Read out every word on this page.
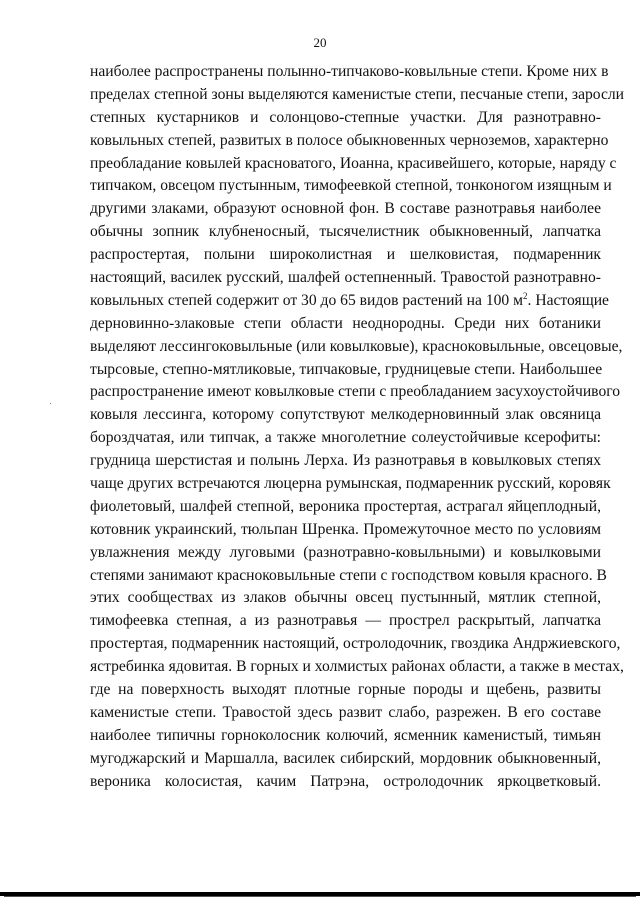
20
наиболее распространены полынно-типчаково-ковыльные степи. Кроме них в
пределах степной зоны выделяются каменистые степи, песчаные степи, заросли
степных кустарников и солонцово-степные участки. Для разнотравно-
ковыльных степей, развитых в полосе обыкновенных черноземов, характерно
преобладание ковылей красноватого, Иоанна, красивейшего, которые, наряду с
типчаком, овсецом пустынным, тимофеевкой степной, тонконогом изящным и
другими злаками, образуют основной фон. В составе разнотравья наиболее
обычны зопник клубненосный, тысячелистник обыкновенный, лапчатка
распростертая, полыни широколистная и шелковистая, подмаренник
настоящий, василек русский, шалфей остепненный. Травостой разнотравно-
ковыльных степей содержит от 30 до 65 видов растений на 100 $м^2$. Настоящие
дерновинно-злаковые степи области неоднородны. Среди них ботаники
выделяют лессингоковыльные (или ковылковые), красноковыльные, овсецовые,
тырсовые, степно-мятликовые, типчаковые, грудницевые степи. Наибольшее
распространение имеют ковылковые степи с преобладанием засухоустойчивого
ковыля лессинга, которому сопутствуют мелкодерновинный злак овсяница
бороздчатая, или типчак, а также многолетние солеустойчивые ксерофиты:
грудница шерстистая и полынь Лерха. Из разнотравья в ковылковых степях
чаще других встречаются люцерна румынская, подмаренник русский, коровяк
фиолетовый, шалфей степной, вероника простертая, астрагал яйцеплодный,
котовник украинский, тюльпан Шренка. Промежуточное место по условиям
увлажнения между луговыми (разнотравно-ковыльными) и ковылковыми
степями занимают красноковыльные степи с господством ковыля красного. В
этих сообществах из злаков обычны овсец пустынный, мятлик степной,
тимофеевка степная, а из разнотравья — прострел раскрытый, лапчатка
простертая, подмаренник настоящий, остролодочник, гвоздика Андржиевского,
ястребинка ядовитая. В горных и холмистых районах области, а также в местах,
где на поверхность выходят плотные горные породы и щебень, развиты
каменистые степи. Травостой здесь развит слабо, разрежен. В его составе
наиболее типичны горноколосник колючий, ясменник каменистый, тимьян
мугоджарский и Маршалла, василек сибирский, мордовник обыкновенный,
вероника колосистая, качим Патрэна, остролодочник яркоцветковый.
